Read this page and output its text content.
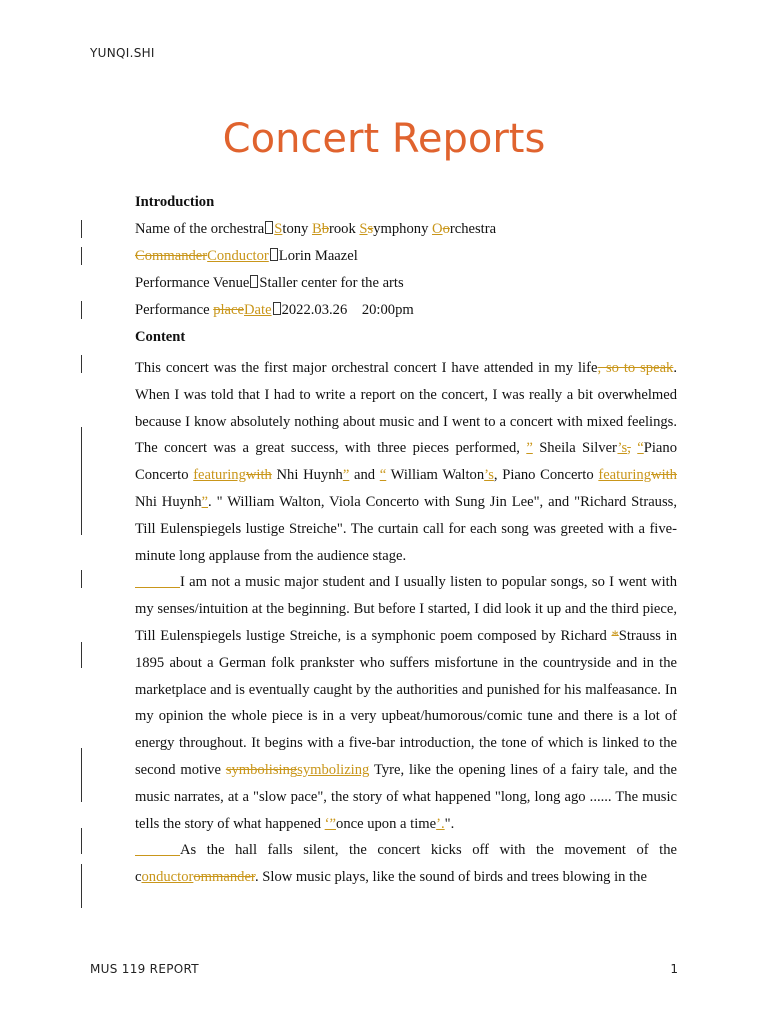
YUNQI.SHI
Concert Reports
Introduction
Name of the orchestra Stony Bbrook Ssymphony Oorchestra
CommanderConductor Lorin Maazel
Performance Venue Staller center for the arts
Performance placeDate 2022.03.26    20:00pm
Content
This concert was the first major orchestral concert I have attended in my life, so to speak. When I was told that I had to write a report on the concert, I was really a bit overwhelmed because I know absolutely nothing about music and I went to a concert with mixed feelings. The concert was a great success, with three pieces performed, ” Sheila Silver’s, “Piano Concerto featuringwith Nhi Huynh” and “ William Walton’s, Piano Concerto featuringwith Nhi Huynh”. " William Walton, Viola Concerto with Sung Jin Lee", and "Richard Strauss, Till Eulenspiegels lustige Streiche". The curtain call for each song was greeted with a five-minute long applause from the audience stage.
I am not a music major student and I usually listen to popular songs, so I went with my senses/intuition at the beginning. But before I started, I did look it up and the third piece, Till Eulenspiegels lustige Streiche, is a symphonic poem composed by Richard *Strauss in 1895 about a German folk prankster who suffers misfortune in the countryside and in the marketplace and is eventually caught by the authorities and punished for his malfeasance. In my opinion the whole piece is in a very upbeat/humorous/comic tune and there is a lot of energy throughout. It begins with a five-bar introduction, the tone of which is linked to the second motive symbolisingsymbolizing Tyre, like the opening lines of a fairy tale, and the music narrates, at a "slow pace", the story of what happened "long, long ago ...... The music tells the story of what happened ‘”once upon a time’.".
As the hall falls silent, the concert kicks off with the movement of the conductorommander. Slow music plays, like the sound of birds and trees blowing in the
MUS 119 REPORT	1
